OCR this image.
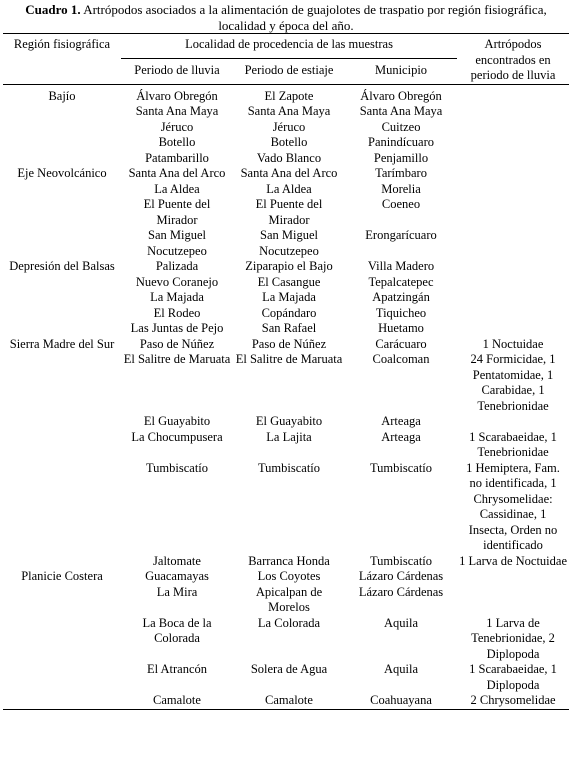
Cuadro 1. Artrópodos asociados a la alimentación de guajolotes de traspatio por región fisiográfica, localidad y época del año.
Región fisiográfica	Localidad de procedencia de las muestras			Artrópodos encontrados en periodo de lluvia
	Periodo de lluvia	Periodo de estiaje	Municipio	
Bajío	Álvaro Obregón	El Zapote	Álvaro Obregón	
	Santa Ana Maya	Santa Ana Maya	Santa Ana Maya	
	Jéruco	Jéruco	Cuitzeo	
	Botello	Botello	Panindícuaro	
	Patambarillo	Vado Blanco	Penjamillo	
Eje Neovolcánico	Santa Ana del Arco	Santa Ana del Arco	Tarímbaro	
	La Aldea	La Aldea	Morelia	
	El Puente del Mirador	El Puente del Mirador	Coeneo	
	San Miguel Nocutzepeo	San Miguel Nocutzepeo	Erongarícuaro	
Depresión del Balsas	Palizada	Ziparapio el Bajo	Villa Madero	
	Nuevo Coranejo	El Casangue	Tepalcatepec	
	La Majada	La Majada	Apatzingán	
	El Rodeo	Copándaro	Tiquicheo	
	Las Juntas de Pejo	San Rafael	Huetamo	
Sierra Madre del Sur	Paso de Núñez	Paso de Núñez	Carácuaro	1 Noctuidae
	El Salitre de Maruata	El Salitre de Maruata	Coalcoman	24 Formicidae, 1 Pentatomidae, 1 Carabidae, 1 Tenebrionidae
	El Guayabito	El Guayabito	Arteaga	
	La Chocumpusera	La Lajita	Arteaga	1 Scarabaeidae, 1 Tenebrionidae
	Tumbiscatío	Tumbiscatío	Tumbiscatío	1 Hemiptera, Fam. no identificada, 1 Chrysomelidae: Cassidinae, 1 Insecta, Orden no identificado
	Jaltomate	Barranca Honda	Tumbiscatío	1 Larva de Noctuidae
Planicie Costera	Guacamayas	Los Coyotes	Lázaro Cárdenas	
	La Mira	Apicalpan de Morelos	Lázaro Cárdenas	
	La Boca de la Colorada	La Colorada	Aquila	1 Larva de Tenebrionidae, 2 Diplopoda
	El Atrancón	Solera de Agua	Aquila	1 Scarabaeidae, 1 Diplopoda
	Camalote	Camalote	Coahuayana	2 Chrysomelidae
